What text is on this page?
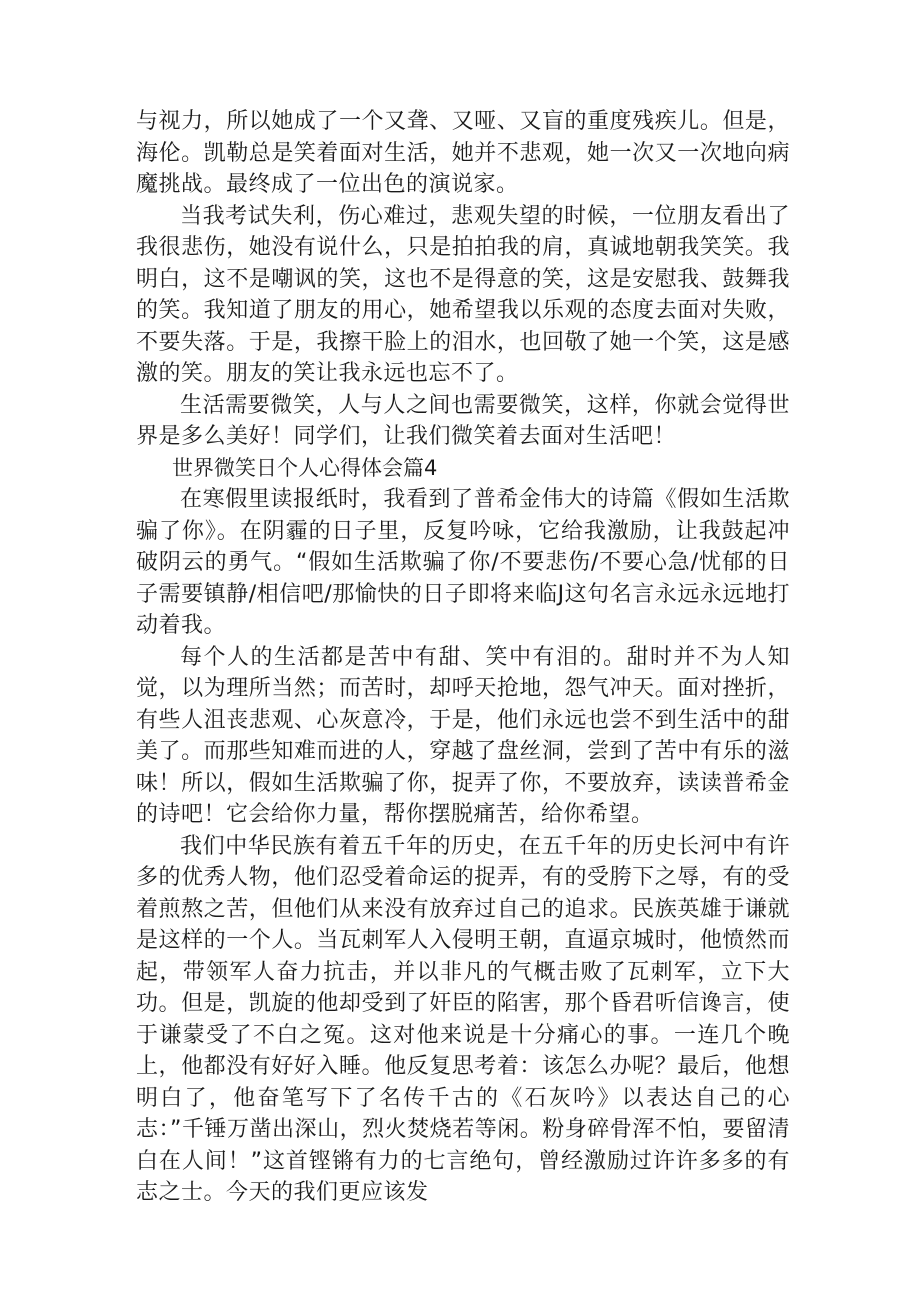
与视力，所以她成了一个又聋、又哑、又盲的重度残疾儿。但是，海伦。凯勒总是笑着面对生活，她并不悲观，她一次又一次地向病魔挑战。最终成了一位出色的演说家。

当我考试失利，伤心难过，悲观失望的时候，一位朋友看出了我很悲伤，她没有说什么，只是拍拍我的肩，真诚地朝我笑笑。我明白，这不是嘲讽的笑，这也不是得意的笑，这是安慰我、鼓舞我的笑。我知道了朋友的用心，她希望我以乐观的态度去面对失败，不要失落。于是，我擦干脸上的泪水，也回敬了她一个笑，这是感激的笑。朋友的笑让我永远也忘不了。

生活需要微笑，人与人之间也需要微笑，这样，你就会觉得世界是多么美好！同学们，让我们微笑着去面对生活吧！

世界微笑日个人心得体会篇4

在寒假里读报纸时，我看到了普希金伟大的诗篇《假如生活欺骗了你》。在阴霾的日子里，反复吟咏，它给我激励，让我鼓起冲破阴云的勇气。“假如生活欺骗了你/不要悲伤/不要心急/忧郁的日子需要镇静/相信吧/那愉快的日子即将来临J这句名言永远永远地打动着我。

每个人的生活都是苦中有甜、笑中有泪的。甜时并不为人知觉，以为理所当然；而苦时，却呼天抢地，怨气冲天。面对挫折，有些人沮丧悲观、心灰意冷，于是，他们永远也尝不到生活中的甜美了。而那些知难而进的人，穿越了盘丝洞，尝到了苦中有乐的滋味！所以，假如生活欺骗了你，捉弄了你，不要放弃，读读普希金的诗吧！它会给你力量，帮你摆脱痛苦，给你希望。

我们中华民族有着五千年的历史，在五千年的历史长河中有许多的优秀人物，他们忍受着命运的捉弄，有的受胯下之辱，有的受着煎熬之苦，但他们从来没有放弃过自己的追求。民族英雄于谦就是这样的一个人。当瓦刺军人入侵明王朝，直逼京城时，他愤然而起，带领军人奋力抗击，并以非凡的气概击败了瓦刺军，立下大功。但是，凯旋的他却受到了奸臣的陷害，那个昏君听信谗言，使于谦蒙受了不白之冤。这对他来说是十分痛心的事。一连几个晚上，他都没有好好入睡。他反复思考着：该怎么办呢？最后，他想明白了，他奋笔写下了名传千古的《石灰吟》以表达自己的心志：”千锤万凿出深山，烈火焚烧若等闲。粉身碎骨浑不怕，要留清白在人间！”这首铿锵有力的七言绝句，曾经激励过许许多多的有志之士。今天的我们更应该发
